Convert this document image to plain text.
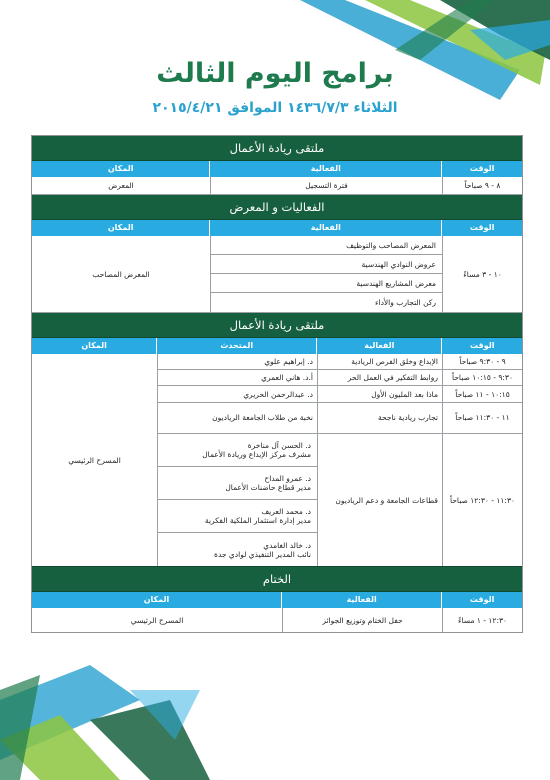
برامج اليوم الثالث
الثلاثاء ١٤٣٦/٧/٣ الموافق ٢٠١٥/٤/٢١
ملتقى ريادة الأعمال
الوقت
الفعالية
المكان
٨ - ٩ صباحاً
فترة التسجيل
المعرض
الفعاليات و المعرض
الوقت
الفعالية
المكان
١٠ - ٣ مساءً
المعرض المصاحب والتوظيف
عروض النوادي الهندسية
معرض المشاريع الهندسية
ركن التجارب والأداء
المعرض المصاحب
ملتقى ريادة الأعمال
الوقت
الفعالية
المتحدث
المكان
٩ - ٩:٣٠ صباحاً
الإبداع وخلق الفرص الريادية
د. إبراهيم علوي
٩:٣٠ - ١٠:١٥ صباحاً
روابط التفكير في العمل الحر
أ.د. هاني العمري
١٠:١٥ - ١١ صباحاً
ماذا بعد المليون الأول
د. عبدالرحمن الحريري
١١ - ١١:٣٠ صباحاً
تجارب ريادية ناجحة
نخبة من طلاب الجامعة الرياديون
١١:٣٠ - ١٢:٣٠ صباحاً
قطاعات الجامعة و دعم الرياديون
د. الحسن آل مناخرة
مشرف مركز الإبداع وريادة الأعمال
د. عمرو المداح
مدير قطاع حاضنات الأعمال
د. محمد العريف
مدير إدارة استثمار الملكية الفكرية
د. خالد الغامدي
نائب المدير التنفيذي لوادي جدة
المسرح الرئيسي
الختام
الوقت
الفعالية
المكان
١٢:٣٠ - ١ مساءً
حفل الختام وتوزيع الجوائز
المسرح الرئيسي
